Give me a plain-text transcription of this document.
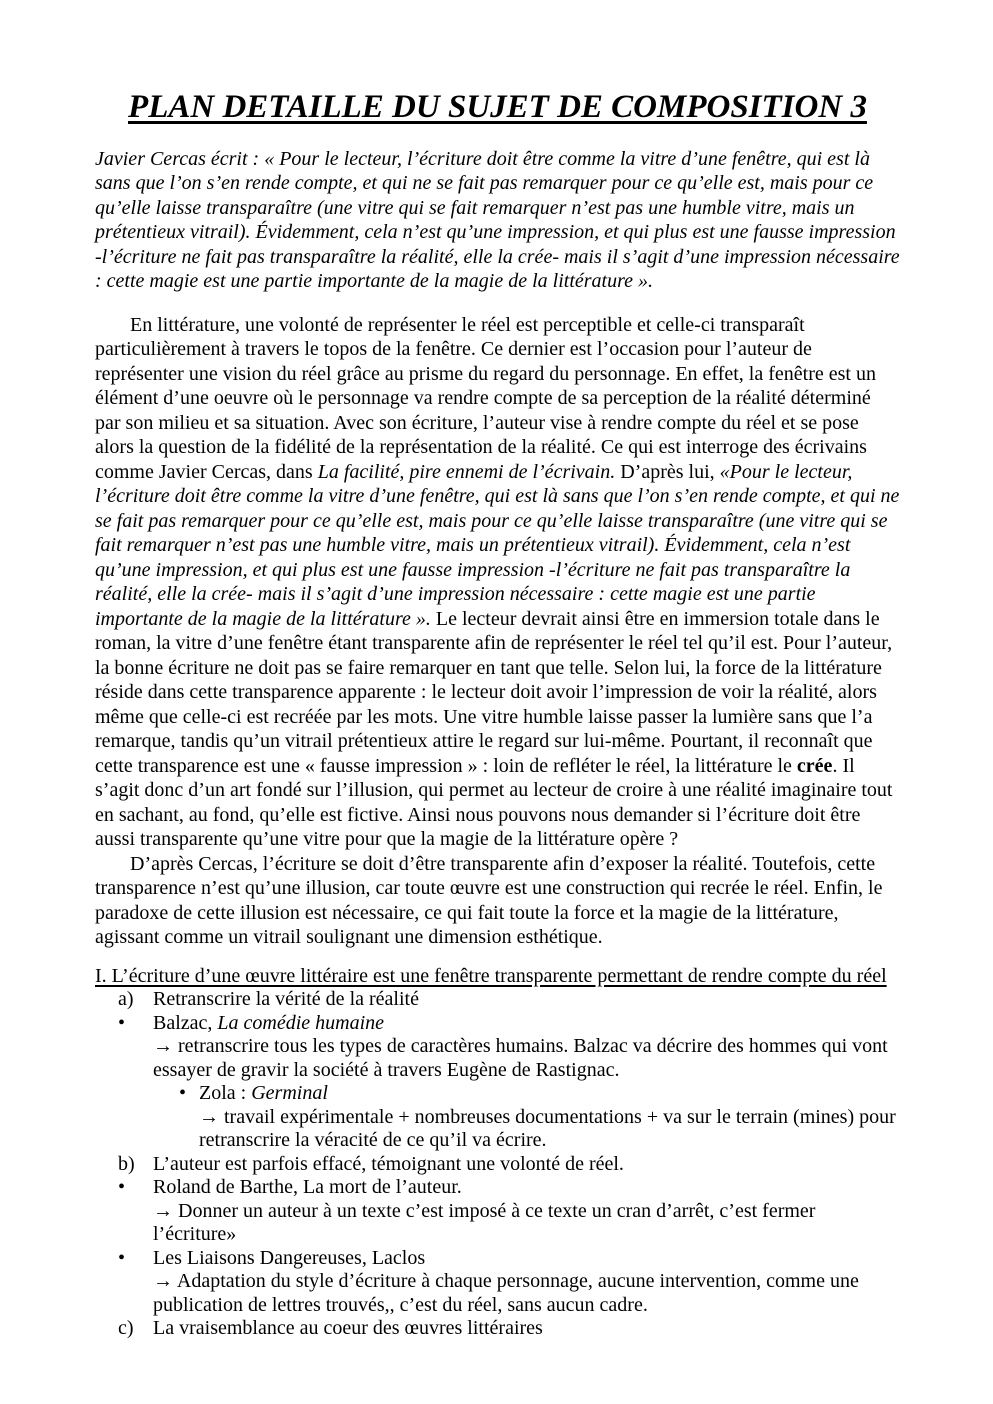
PLAN DETAILLE DU SUJET DE COMPOSITION 3

Javier Cercas écrit : « Pour le lecteur, l’écriture doit être comme la vitre d’une fenêtre, qui est là sans que l’on s’en rende compte, et qui ne se fait pas remarquer pour ce qu’elle est, mais pour ce qu’elle laisse transparaître (une vitre qui se fait remarquer n’est pas une humble vitre, mais un prétentieux vitrail). Évidemment, cela n’est qu’une impression, et qui plus est une fausse impression -l’écriture ne fait pas transparaître la réalité, elle la crée- mais il s’agit d’une impression nécessaire : cette magie est une partie importante de la magie de la littérature ».

En littérature, une volonté de représenter le réel est perceptible et celle-ci transparaît particulièrement à travers le topos de la fenêtre. Ce dernier est l’occasion pour l’auteur de représenter une vision du réel grâce au prisme du regard du personnage. En effet, la fenêtre est un élément d’une oeuvre où le personnage va rendre compte de sa perception de la réalité déterminé par son milieu et sa situation. Avec son écriture, l’auteur vise à rendre compte du réel et se pose alors la question de la fidélité de la représentation de la réalité. Ce qui est interroge des écrivains comme Javier Cercas, dans La facilité, pire ennemi de l’écrivain. D’après lui, «Pour le lecteur, l’écriture doit être comme la vitre d’une fenêtre, qui est là sans que l’on s’en rende compte, et qui ne se fait pas remarquer pour ce qu’elle est, mais pour ce qu’elle laisse transparaître (une vitre qui se fait remarquer n’est pas une humble vitre, mais un prétentieux vitrail). Évidemment, cela n’est qu’une impression, et qui plus est une fausse impression -l’écriture ne fait pas transparaître la réalité, elle la crée- mais il s’agit d’une impression nécessaire : cette magie est une partie importante de la magie de la littérature ». Le lecteur devrait ainsi être en immersion totale dans le roman, la vitre d’une fenêtre étant transparente afin de représenter le réel tel qu’il est. Pour l’auteur, la bonne écriture ne doit pas se faire remarquer en tant que telle. Selon lui, la force de la littérature réside dans cette transparence apparente : le lecteur doit avoir l’impression de voir la réalité, alors même que celle-ci est recréée par les mots. Une vitre humble laisse passer la lumière sans que l’a remarque, tandis qu’un vitrail prétentieux attire le regard sur lui-même. Pourtant, il reconnaît que cette transparence est une « fausse impression » : loin de refléter le réel, la littérature le crée. Il s’agit donc d’un art fondé sur l’illusion, qui permet au lecteur de croire à une réalité imaginaire tout en sachant, au fond, qu’elle est fictive. Ainsi nous pouvons nous demander si l’écriture doit être aussi transparente qu’une vitre pour que la magie de la littérature opère ?

D’après Cercas, l’écriture se doit d’être transparente afin d’exposer la réalité. Toutefois, cette transparence n’est qu’une illusion, car toute œuvre est une construction qui recrée le réel. Enfin, le paradoxe de cette illusion est nécessaire, ce qui fait toute la force et la magie de la littérature, agissant comme un vitrail soulignant une dimension esthétique.

I. L’écriture d’une œuvre littéraire est une fenêtre transparente permettant de rendre compte du réel
a) Retranscrire la vérité de la réalité
• Balzac, La comédie humaine
→ retranscrire tous les types de caractères humains. Balzac va décrire des hommes qui vont essayer de gravir la société à travers Eugène de Rastignac.
• Zola : Germinal
→ travail expérimentale + nombreuses documentations + va sur le terrain (mines) pour retranscrire la véracité de ce qu’il va écrire.
b) L’auteur est parfois effacé, témoignant une volonté de réel.
• Roland de Barthe, La mort de l’auteur.
→ Donner un auteur à un texte c’est imposé à ce texte un cran d’arrêt, c’est fermer l’écriture»
• Les Liaisons Dangereuses, Laclos
→ Adaptation du style d’écriture à chaque personnage, aucune intervention, comme une publication de lettres trouvés,, c’est du réel, sans aucun cadre.
c) La vraisemblance au coeur des œuvres littéraires
